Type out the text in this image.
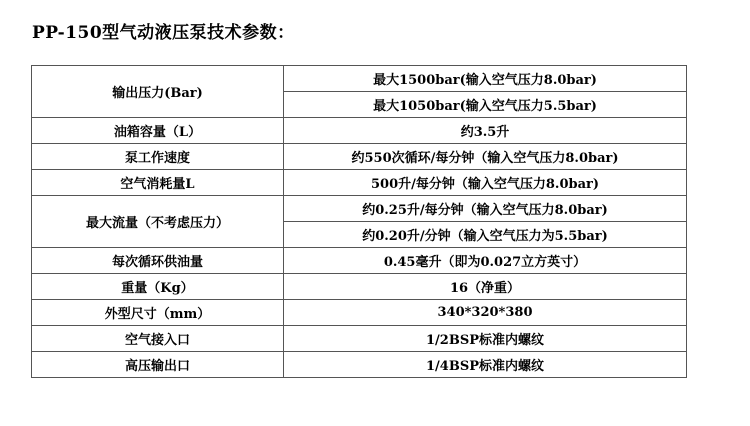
PP-150型气动液压泵技术参数：
输出压力(Bar)	最大1500bar(输入空气压力8.0bar)
	最大1050bar(输入空气压力5.5bar)
油箱容量（L）	约3.5升
泵工作速度	约550次循环/每分钟（输入空气压力8.0bar)
空气消耗量L	500升/每分钟（输入空气压力8.0bar)
最大流量（不考虑压力）	约0.25升/每分钟（输入空气压力8.0bar)
	约0.20升/分钟（输入空气压力为5.5bar)
每次循环供油量	0.45毫升（即为0.027立方英寸）
重量（Kg）	16（净重）
外型尺寸（mm）	340*320*380
空气接入口	1/2BSP标准内螺纹
高压输出口	1/4BSP标准内螺纹
